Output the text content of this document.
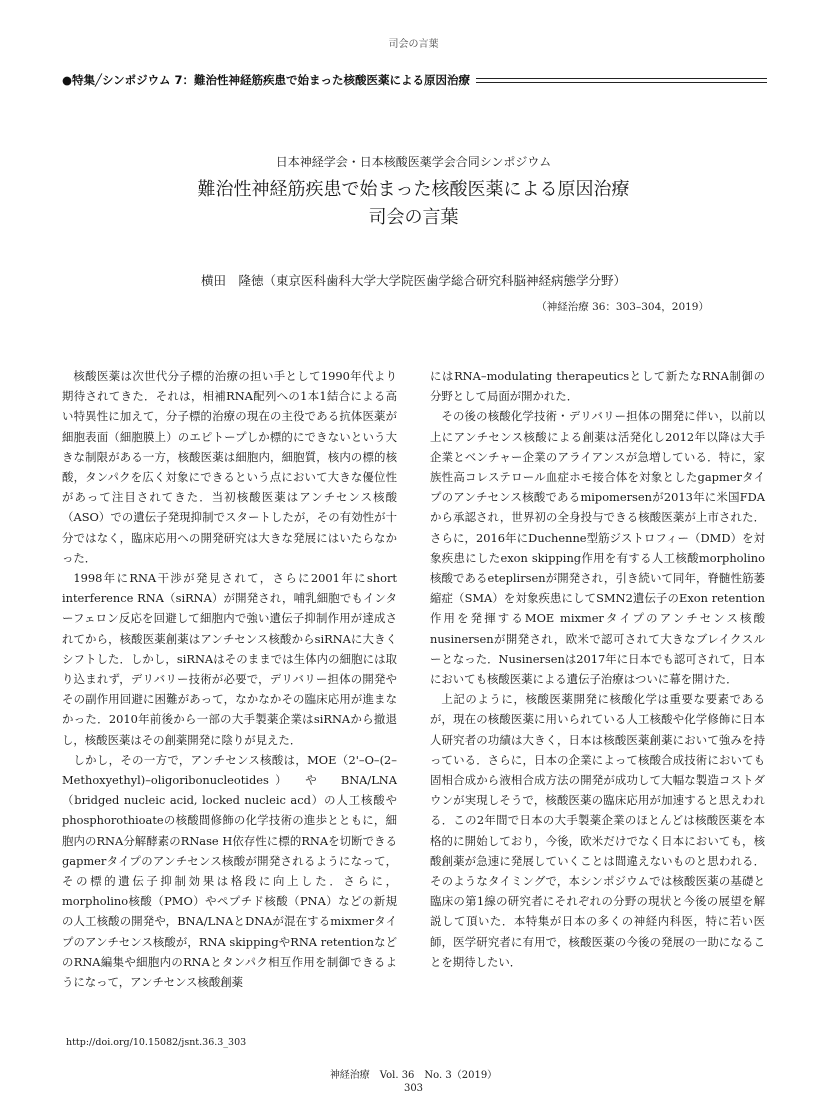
司会の言葉
●特集╱シンポジウム 7：難治性神経筋疾患で始まった核酸医薬による原因治療
日本神経学会・日本核酸医薬学会合同シンポジウム
難治性神経筋疾患で始まった核酸医薬による原因治療
司会の言葉
横田　隆徳（東京医科歯科大学大学院医歯学総合研究科脳神経病態学分野）
（神経治療 36：303–304，2019）

核酸医薬は次世代分子標的治療の担い手として1990年代より期待されてきた．それは，相補RNA配列への1本1結合による高い特異性に加えて，分子標的治療の現在の主役である抗体医薬が細胞表面（細胞膜上）のエピトープしか標的にできないという大きな制限がある一方，核酸医薬は細胞内，細胞質，核内の標的核酸，タンパクを広く対象にできるという点において大きな優位性があって注目されてきた．当初核酸医薬はアンチセンス核酸（ASO）での遺伝子発現抑制でスタートしたが，その有効性が十分ではなく，臨床応用への開発研究は大きな発展にはいたらなかった．

1998年にRNA干渉が発見されて，さらに2001年にshort interference RNA（siRNA）が開発され，哺乳細胞でもインターフェロン反応を回避して細胞内で強い遺伝子抑制作用が達成されてから，核酸医薬創薬はアンチセンス核酸からsiRNAに大きくシフトした．しかし，siRNAはそのままでは生体内の細胞には取り込まれず，デリバリー技術が必要で，デリバリー担体の開発やその副作用回避に困難があって，なかなかその臨床応用が進まなかった．2010年前後から一部の大手製薬企業はsiRNAから撤退し，核酸医薬はその創薬開発に陰りが見えた．

しかし，その一方で，アンチセンス核酸は，MOE（2'–O–(2–Methoxyethyl)–oligoribonucleotides）　や　BNA/LNA（bridged nucleic acid, locked nucleic acd）の人工核酸やphosphorothioateの核酸間修飾の化学技術の進歩とともに，細胞内のRNA分解酵素のRNase H依存性に標的RNAを切断できるgapmerタイプのアンチセンス核酸が開発されるようになって，その標的遺伝子抑制効果は格段に向上した．さらに，morpholino核酸（PMO）やペプチド核酸（PNA）などの新規の人工核酸の開発や，BNA/LNAとDNAが混在するmixmerタイプのアンチセンス核酸が，RNA skippingやRNA retentionなどのRNA編集や細胞内のRNAとタンパク相互作用を制御できるようになって，アンチセンス核酸創薬

にはRNA–modulating therapeuticsとして新たなRNA制御の分野として局面が開かれた．

その後の核酸化学技術・デリバリー担体の開発に伴い，以前以上にアンチセンス核酸による創薬は活発化し2012年以降は大手企業とベンチャー企業のアライアンスが急増している．特に，家族性高コレステロール血症ホモ接合体を対象としたgapmerタイプのアンチセンス核酸であるmipomersenが2013年に米国FDAから承認され，世界初の全身投与できる核酸医薬が上市された．さらに，2016年にDuchenne型筋ジストロフィー（DMD）を対象疾患にしたexon skipping作用を有する人工核酸morpholino核酸であるeteplirsenが開発され，引き続いて同年，脊髄性筋萎縮症（SMA）を対象疾患にしてSMN2遺伝子のExon retention作用を発揮するMOE mixmerタイプのアンチセンス核酸nusinersenが開発され，欧米で認可されて大きなブレイクスルーとなった．Nusinersenは2017年に日本でも認可されて，日本においても核酸医薬による遺伝子治療はついに幕を開けた．

上記のように，核酸医薬開発に核酸化学は重要な要素であるが，現在の核酸医薬に用いられている人工核酸や化学修飾に日本人研究者の功績は大きく，日本は核酸医薬創薬において強みを持っている．さらに，日本の企業によって核酸合成技術においても固相合成から液相合成方法の開発が成功して大幅な製造コストダウンが実現しそうで，核酸医薬の臨床応用が加速すると思えわれる．この2年間で日本の大手製薬企業のほとんどは核酸医薬を本格的に開始しており，今後，欧米だけでなく日本においても，核酸創薬が急速に発展していくことは間違えないものと思われる．そのようなタイミングで，本シンポジウムでは核酸医薬の基礎と臨床の第1線の研究者にそれぞれの分野の現状と今後の展望を解説して頂いた．本特集が日本の多くの神経内科医，特に若い医師，医学研究者に有用で，核酸医薬の今後の発展の一助になることを期待したい．

http://doi.org/10.15082/jsnt.36.3_303
神経治療　Vol. 36　No. 3（2019）
303
